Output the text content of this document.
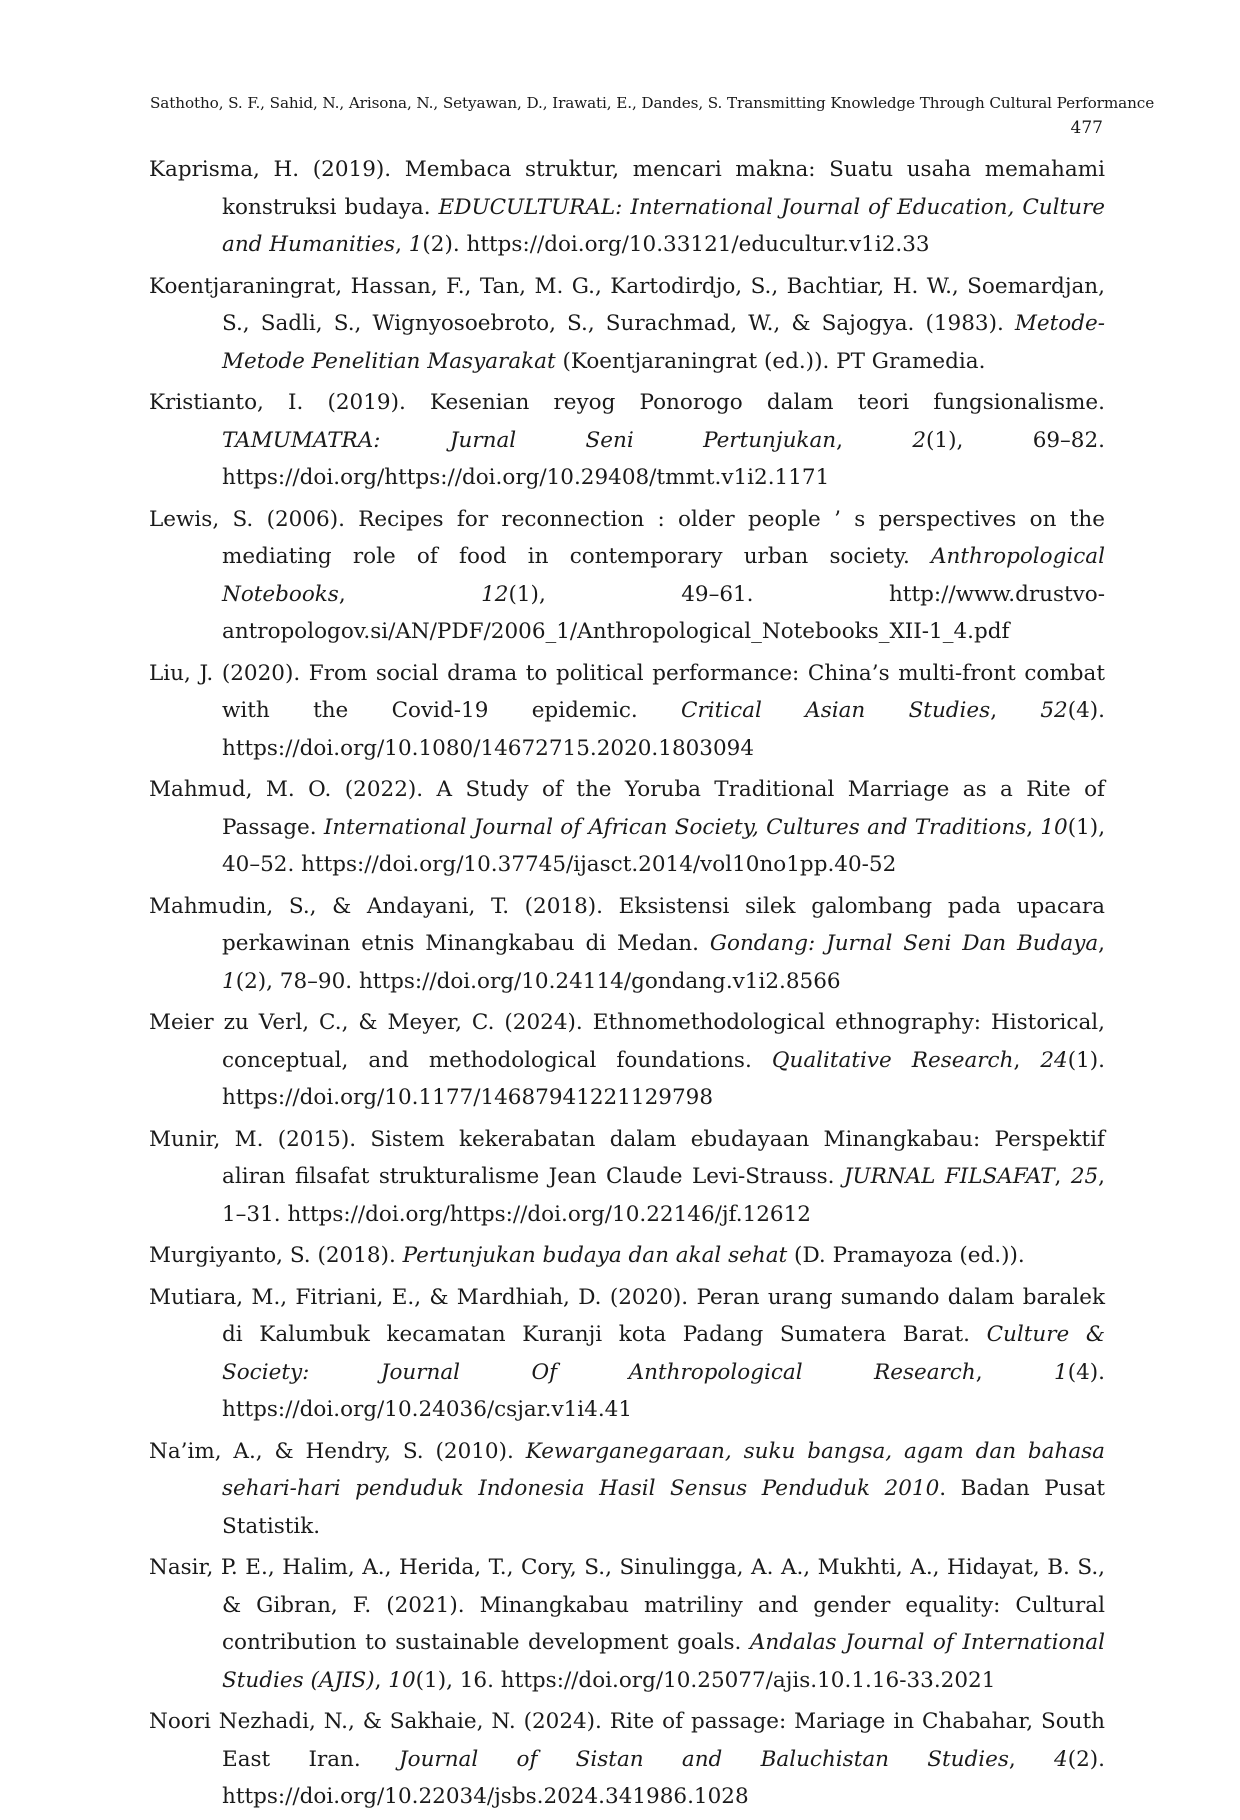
Sathotho, S. F., Sahid, N., Arisona, N., Setyawan, D., Irawati, E., Dandes, S. Transmitting Knowledge Through Cultural Performance
477

Kaprisma, H. (2019). Membaca struktur, mencari makna: Suatu usaha memahami konstruksi budaya. EDUCULTURAL: International Journal of Education, Culture and Humanities, 1(2). https://doi.org/10.33121/educultur.v1i2.33

Koentjaraningrat, Hassan, F., Tan, M. G., Kartodirdjo, S., Bachtiar, H. W., Soemardjan, S., Sadli, S., Wignyosoebroto, S., Surachmad, W., & Sajogya. (1983). Metode-Metode Penelitian Masyarakat (Koentjaraningrat (ed.)). PT Gramedia.

Kristianto, I. (2019). Kesenian reyog Ponorogo dalam teori fungsionalisme. TAMUMATRA: Jurnal Seni Pertunjukan, 2(1), 69–82. https://doi.org/https://doi.org/10.29408/tmmt.v1i2.1171

Lewis, S. (2006). Recipes for reconnection : older people ’ s perspectives on the mediating role of food in contemporary urban society. Anthropological Notebooks, 12(1), 49–61. http://www.drustvo-antropologov.si/AN/PDF/2006_1/Anthropological_Notebooks_XII-1_4.pdf

Liu, J. (2020). From social drama to political performance: China’s multi-front combat with the Covid-19 epidemic. Critical Asian Studies, 52(4). https://doi.org/10.1080/14672715.2020.1803094

Mahmud, M. O. (2022). A Study of the Yoruba Traditional Marriage as a Rite of Passage. International Journal of African Society, Cultures and Traditions, 10(1), 40–52. https://doi.org/10.37745/ijasct.2014/vol10no1pp.40-52

Mahmudin, S., & Andayani, T. (2018). Eksistensi silek galombang pada upacara perkawinan etnis Minangkabau di Medan. Gondang: Jurnal Seni Dan Budaya, 1(2), 78–90. https://doi.org/10.24114/gondang.v1i2.8566

Meier zu Verl, C., & Meyer, C. (2024). Ethnomethodological ethnography: Historical, conceptual, and methodological foundations. Qualitative Research, 24(1). https://doi.org/10.1177/14687941221129798

Munir, M. (2015). Sistem kekerabatan dalam ebudayaan Minangkabau: Perspektif aliran filsafat strukturalisme Jean Claude Levi-Strauss. JURNAL FILSAFAT, 25, 1–31. https://doi.org/https://doi.org/10.22146/jf.12612

Murgiyanto, S. (2018). Pertunjukan budaya dan akal sehat (D. Pramayoza (ed.)).

Mutiara, M., Fitriani, E., & Mardhiah, D. (2020). Peran urang sumando dalam baralek di Kalumbuk kecamatan Kuranji kota Padang Sumatera Barat. Culture & Society: Journal Of Anthropological Research, 1(4). https://doi.org/10.24036/csjar.v1i4.41

Na’im, A., & Hendry, S. (2010). Kewarganegaraan, suku bangsa, agam dan bahasa sehari-hari penduduk Indonesia Hasil Sensus Penduduk 2010. Badan Pusat Statistik.

Nasir, P. E., Halim, A., Herida, T., Cory, S., Sinulingga, A. A., Mukhti, A., Hidayat, B. S., & Gibran, F. (2021). Minangkabau matriliny and gender equality: Cultural contribution to sustainable development goals. Andalas Journal of International Studies (AJIS), 10(1), 16. https://doi.org/10.25077/ajis.10.1.16-33.2021

Noori Nezhadi, N., & Sakhaie, N. (2024). Rite of passage: Mariage in Chabahar, South East Iran. Journal of Sistan and Baluchistan Studies, 4(2). https://doi.org/10.22034/jsbs.2024.341986.1028
